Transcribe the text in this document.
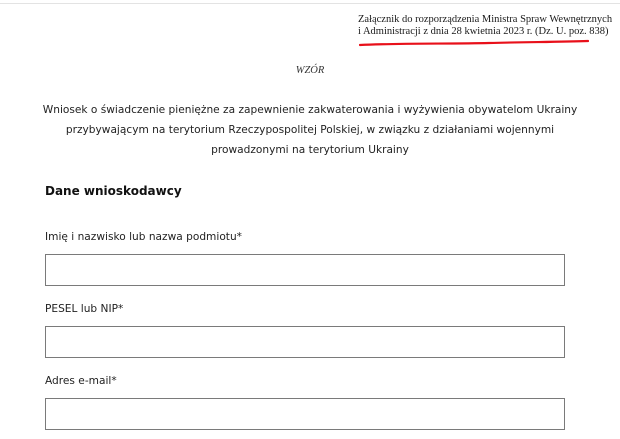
Załącznik do rozporządzenia Ministra Spraw Wewnętrznych
i Administracji z dnia 28 kwietnia 2023 r. (Dz. U. poz. 838)
WZÓR
Wniosek o świadczenie pieniężne za zapewnienie zakwaterowania i wyżywienia obywatelom Ukrainy
przybywającym na terytorium Rzeczypospolitej Polskiej, w związku z działaniami wojennymi
prowadzonymi na terytorium Ukrainy
Dane wnioskodawcy
Imię i nazwisko lub nazwa podmiotu*
PESEL lub NIP*
Adres e-mail*
